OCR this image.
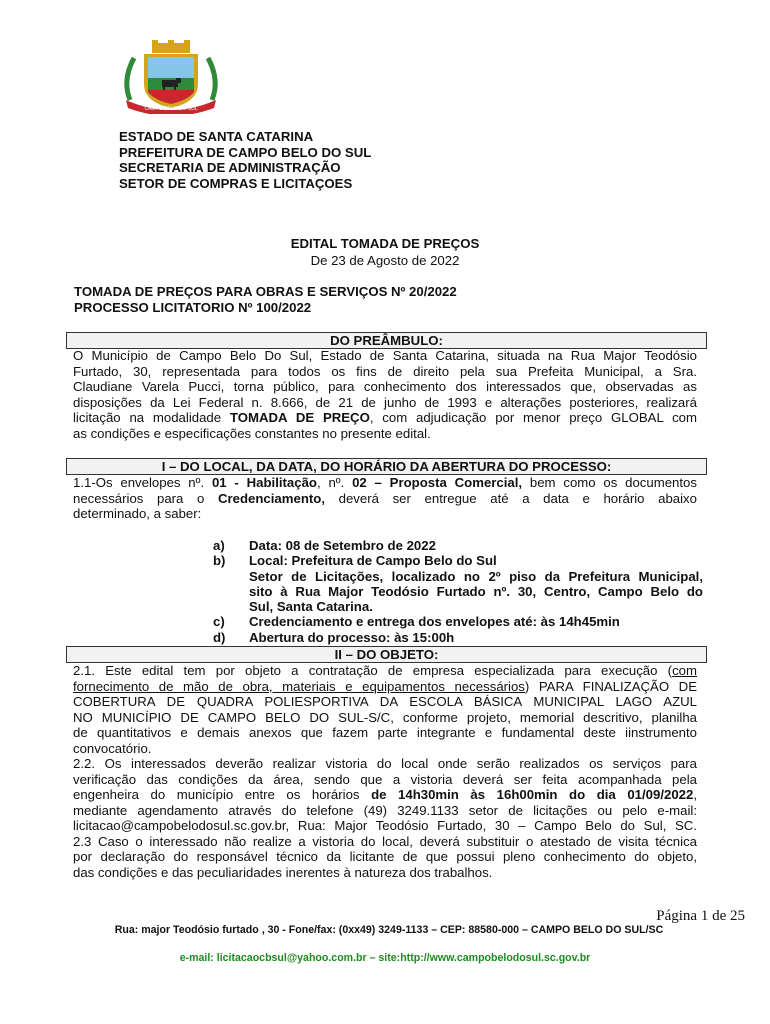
CAMPO BELO DO SUL
ESTADO DE SANTA CATARINA
PREFEITURA DE CAMPO BELO DO SUL
SECRETARIA DE ADMINISTRAÇÃO
SETOR DE COMPRAS E LICITAÇOES
EDITAL TOMADA DE PREÇOS
De 23 de Agosto de 2022
TOMADA DE PREÇOS PARA OBRAS E SERVIÇOS Nº 20/2022
PROCESSO LICITATORIO Nº 100/2022
DO PREÂMBULO:
O Município de Campo Belo Do Sul, Estado de Santa Catarina, situada na Rua Major Teodósio
Furtado, 30, representada para todos os fins de direito pela sua Prefeita Municipal, a Sra.
Claudiane Varela Pucci, torna público, para conhecimento dos interessados que, observadas as
disposições da Lei Federal n. 8.666, de 21 de junho de 1993 e alterações posteriores, realizará
licitação na modalidade TOMADA DE PREÇO, com adjudicação por menor preço GLOBAL com
as condições e especificações constantes no presente edital.
I – DO LOCAL, DA DATA, DO HORÁRIO DA ABERTURA DO PROCESSO:
1.1-Os envelopes nº. 01 - Habilitação, nº. 02 – Proposta Comercial, bem como os documentos
necessários para o Credenciamento, deverá ser entregue até a data e horário abaixo
determinado, a saber:
a)	Data: 08 de Setembro de 2022
b)	Local: Prefeitura de Campo Belo do Sul
Setor de Licitações, localizado no 2º piso da Prefeitura Municipal,
sito à Rua Major Teodósio Furtado nº. 30, Centro, Campo Belo do
Sul, Santa Catarina.
c)	Credenciamento e entrega dos envelopes até: às 14h45min
d)	Abertura do processo: às 15:00h
II – DO OBJETO:
2.1. Este edital tem por objeto a contratação de empresa especializada para execução (com
fornecimento de mão de obra, materiais e equipamentos necessários) PARA FINALIZAÇÃO DE
COBERTURA DE QUADRA POLIESPORTIVA DA ESCOLA BÁSICA MUNICIPAL LAGO AZUL
NO MUNICÍPIO DE CAMPO BELO DO SUL-S/C, conforme projeto, memorial descritivo, planilha
de quantitativos e demais anexos que fazem parte integrante e fundamental deste iinstrumento
convocatório.
2.2. Os interessados deverão realizar vistoria do local onde serão realizados os serviços para
verificação das condições da área, sendo que a vistoria deverá ser feita acompanhada pela
engenheira do município entre os horários de 14h30min às 16h00min do dia 01/09/2022,
mediante agendamento através do telefone (49) 3249.1133 setor de licitações ou pelo e-mail:
licitacao@campobelodosul.sc.gov.br, Rua: Major Teodósio Furtado, 30 – Campo Belo do Sul, SC.
2.3 Caso o interessado não realize a vistoria do local, deverá substituir o atestado de visita técnica
por declaração do responsável técnico da licitante de que possui pleno conhecimento do objeto,
das condições e das peculiaridades inerentes à natureza dos trabalhos.
Página 1 de 25
Rua: major Teodósio furtado , 30 - Fone/fax: (0xx49) 3249-1133 – CEP: 88580-000 – CAMPO BELO DO SUL/SC
e-mail: licitacaocbsul@yahoo.com.br – site:http://www.campobelodosul.sc.gov.br
